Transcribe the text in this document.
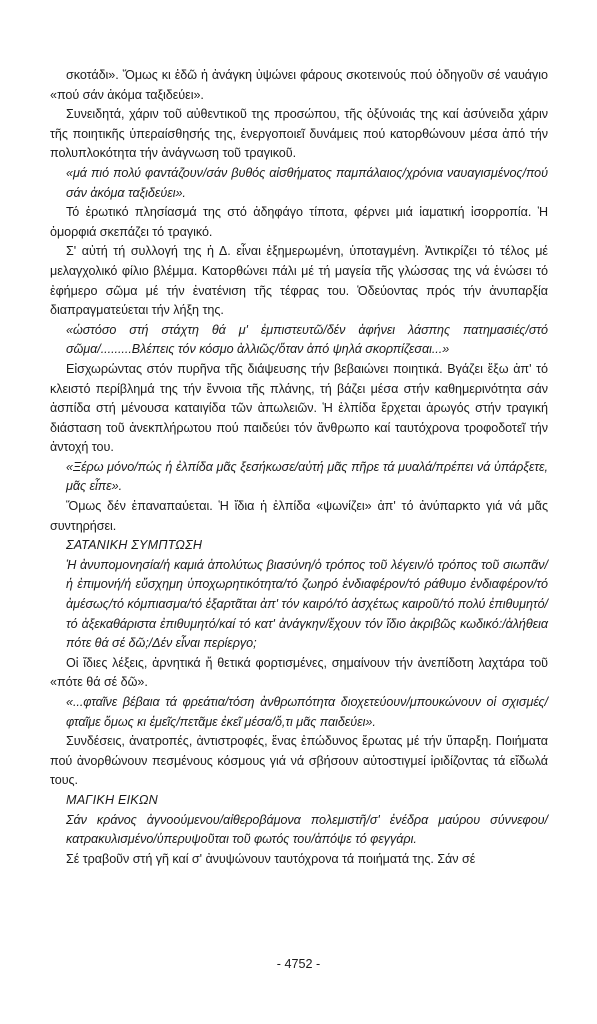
σκοτάδι». Ὅμως κι ἐδῶ ἡ ἀνάγκη ὑψώνει φάρους σκοτεινούς πού ὁδηγοῦν σέ ναυάγιο «πού σάν ἀκόμα ταξιδεύει».

Συνειδητά, χάριν τοῦ αὐθεντικοῦ της προσώπου, τῆς ὀξύνοιάς της καί ἀσύνειδα χάριν τῆς ποιητικῆς ὑπεραίσθησής της, ἐνεργοποιεῖ δυνάμεις πού κατορθώνουν μέσα ἀπό τήν πολυπλοκότητα τήν ἀνάγνωση τοῦ τραγικοῦ.

«μά πιό πολύ φαντάζουν/σάν βυθός αἰσθήματος παμπάλαιος/χρόνια ναυαγισμένος/πού σάν ἀκόμα ταξιδεύει».

Τό ἐρωτικό πλησίασμά της στό ἀδηφάγο τίποτα, φέρνει μιά ἰαματική ἰσορροπία. Ἡ ὀμορφιά σκεπάζει τό τραγικό.

Σ' αὐτή τή συλλογή της ἡ Δ. εἶναι ἐξημερωμένη, ὑποταγμένη. Ἀντικρίζει τό τέλος μέ μελαγχολικό φίλιο βλέμμα. Κατορθώνει πάλι μέ τή μαγεία τῆς γλώσσας της νά ἑνώσει τό ἐφήμερο σῶμα μέ τήν ἐνατένιση τῆς τέφρας του. Ὁδεύοντας πρός τήν ἀνυπαρξία διαπραγματεύεται τήν λήξη της.

«ὡστόσο στή στάχτη θά μ' ἐμπιστευτῶ/δέν ἀφήνει λάσπης πατημασιές/στό σῶμα/.........Βλέπεις τόν κόσμο ἀλλιῶς/ὅταν ἀπό ψηλά σκορπίζεσαι...»

Εἰσχωρώντας στόν πυρῆνα τῆς διάψευσης τήν βεβαιώνει ποιητικά. Βγάζει ἔξω ἀπ' τό κλειστό περίβλημά της τήν ἔννοια τῆς πλάνης, τή βάζει μέσα στήν καθημερινότητα σάν ἀσπίδα στή μένουσα καταιγίδα τῶν ἀπωλειῶν. Ἡ ἐλπίδα ἔρχεται ἀρωγός στήν τραγική διάσταση τοῦ ἀνεκπλήρωτου πού παιδεύει τόν ἄνθρωπο καί ταυτόχρονα τροφοδοτεῖ τήν ἀντοχή του.

«Ξέρω μόνο/πώς ἡ ἐλπίδα μᾶς ξεσήκωσε/αὐτή μᾶς πῆρε τά μυαλά/πρέπει νά ὑπάρξετε, μᾶς εἶπε».

Ὅμως δέν ἐπαναπαύεται. Ἡ ἴδια ἡ ἐλπίδα «ψωνίζει» ἀπ' τό ἀνύπαρκτο γιά νά μᾶς συντηρήσει.

ΣΑΤΑΝΙΚΗ ΣΥΜΠΤΩΣΗ

Ἡ ἀνυπομονησία/ἡ καμιά ἀπολύτως βιασύνη/ὁ τρόπος τοῦ λέγειν/ὁ τρόπος τοῦ σιωπᾶν/ἡ ἐπιμονή/ἡ εὔσχημη ὑποχωρητικότητα/τό ζωηρό ἐνδιαφέρον/τό ράθυμο ἐνδιαφέρον/τό ἀμέσως/τό κόμπιασμα/τό ἐξαρτᾶται ἀπ' τόν καιρό/τό ἀσχέτως καιροῦ/τό πολύ ἐπιθυμητό/τό ἀξεκαθάριστα ἐπιθυμητό/καί τό κατ' ἀνάγκην/ἔχουν τόν ἴδιο ἀκριβῶς κωδικό:/ἀλήθεια πότε θά σέ δῶ;/Δέν εἶναι περίεργο;

Οἱ ἴδιες λέξεις, ἀρνητικά ἤ θετικά φορτισμένες, σημαίνουν τήν ἀνεπίδοτη λαχτάρα τοῦ «πότε θά σέ δῶ».

«...φταῖνε βέβαια τά φρεάτια/τόση ἀνθρωπότητα διοχετεύουν/μπουκώνουν οἱ σχισμές/φταῖμε ὅμως κι ἐμεῖς/πετᾶμε ἐκεῖ μέσα/ὅ,τι μᾶς παιδεύει».

Συνδέσεις, ἀνατροπές, ἀντιστροφές, ἕνας ἐπώδυνος ἔρωτας μέ τήν ὕπαρξη. Ποιήματα πού ἀνορθώνουν πεσμένους κόσμους γιά νά σβήσουν αὐτοστιγμεί ἰριδίζοντας τά εἴδωλά τους.

ΜΑΓΙΚΗ ΕΙΚΩΝ

Σάν κράνος ἀγνοούμενου/αἰθεροβάμονα πολεμιστῆ/σ' ἐνέδρα μαύρου σύννεφου/κατρακυλισμένο/ὑπερυψοῦται τοῦ φωτός του/ἀπόψε τό φεγγάρι.

Σέ τραβοῦν στή γῆ καί σ' ἀνυψώνουν ταυτόχρονα τά ποιήματά της. Σάν σέ

- 4752 -
